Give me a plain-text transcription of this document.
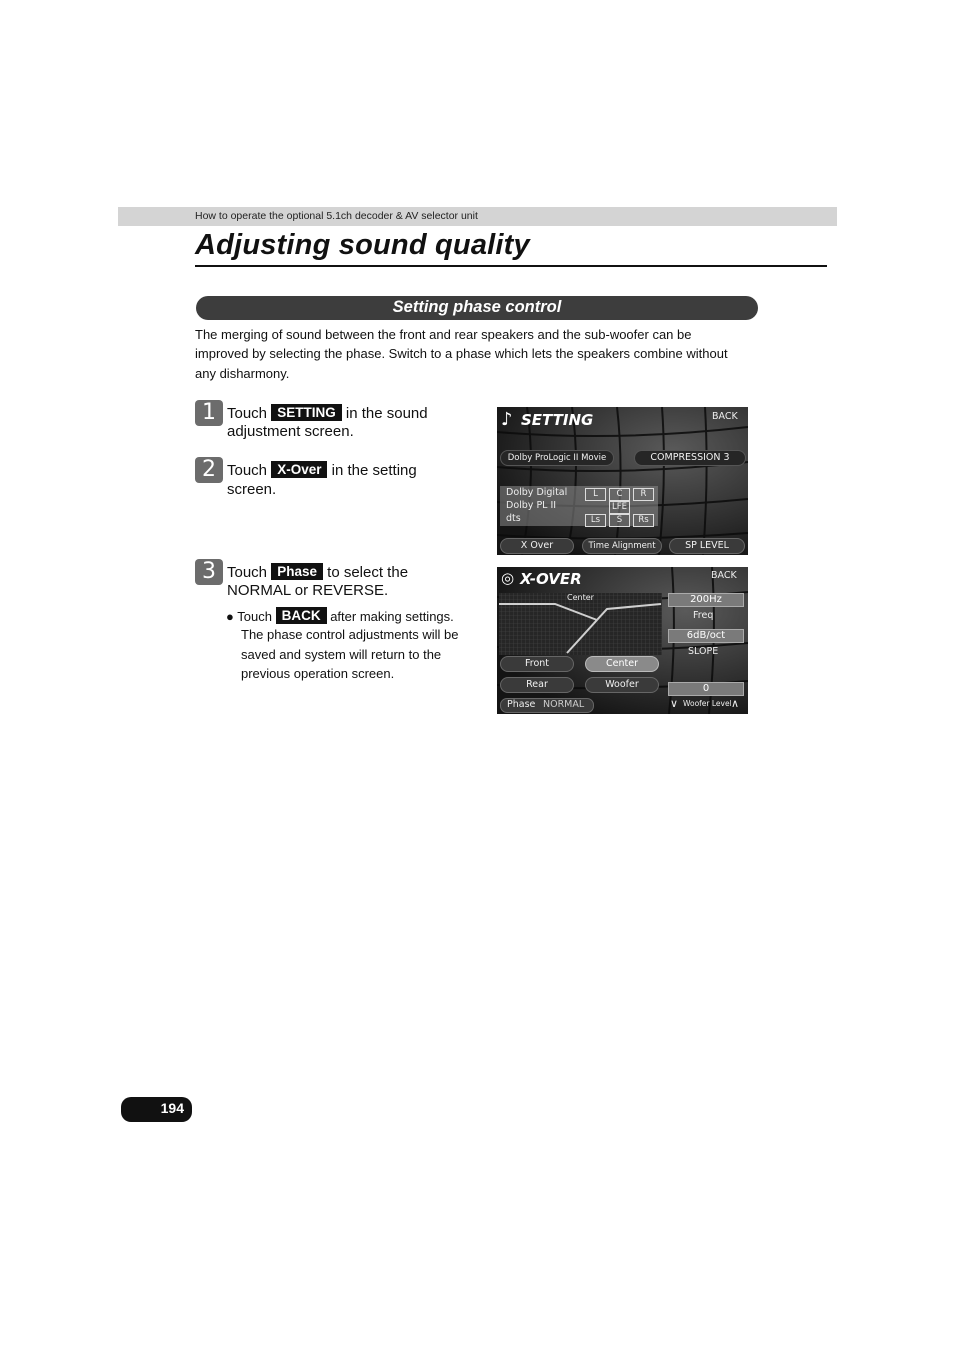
How to operate the optional 5.1ch decoder & AV selector unit
Adjusting sound quality
Setting phase control
The merging of sound between the front and rear speakers and the sub-woofer can be
improved by selecting the phase. Switch to a phase which lets the speakers combine without
any disharmony.
1 Touch SETTING in the sound
adjustment screen.
2 Touch X-Over in the setting
screen.
3 Touch Phase to select the
NORMAL or REVERSE.
● Touch BACK after making settings.
The phase control adjustments will be
saved and system will return to the
previous operation screen.
♪ SETTING	BACK
Dolby ProLogic II Movie	COMPRESSION 3
Dolby Digital
Dolby PL II
dts
L	C	R
LFE
Ls	S	Rs
X Over	Time Alignment	SP LEVEL
◎ X-OVER	BACK
Center	200Hz
Freq
6dB/oct
SLOPE
Front	Center
Rear	Woofer	0
Phase NORMAL	∨ Woofer Level ∧
194
